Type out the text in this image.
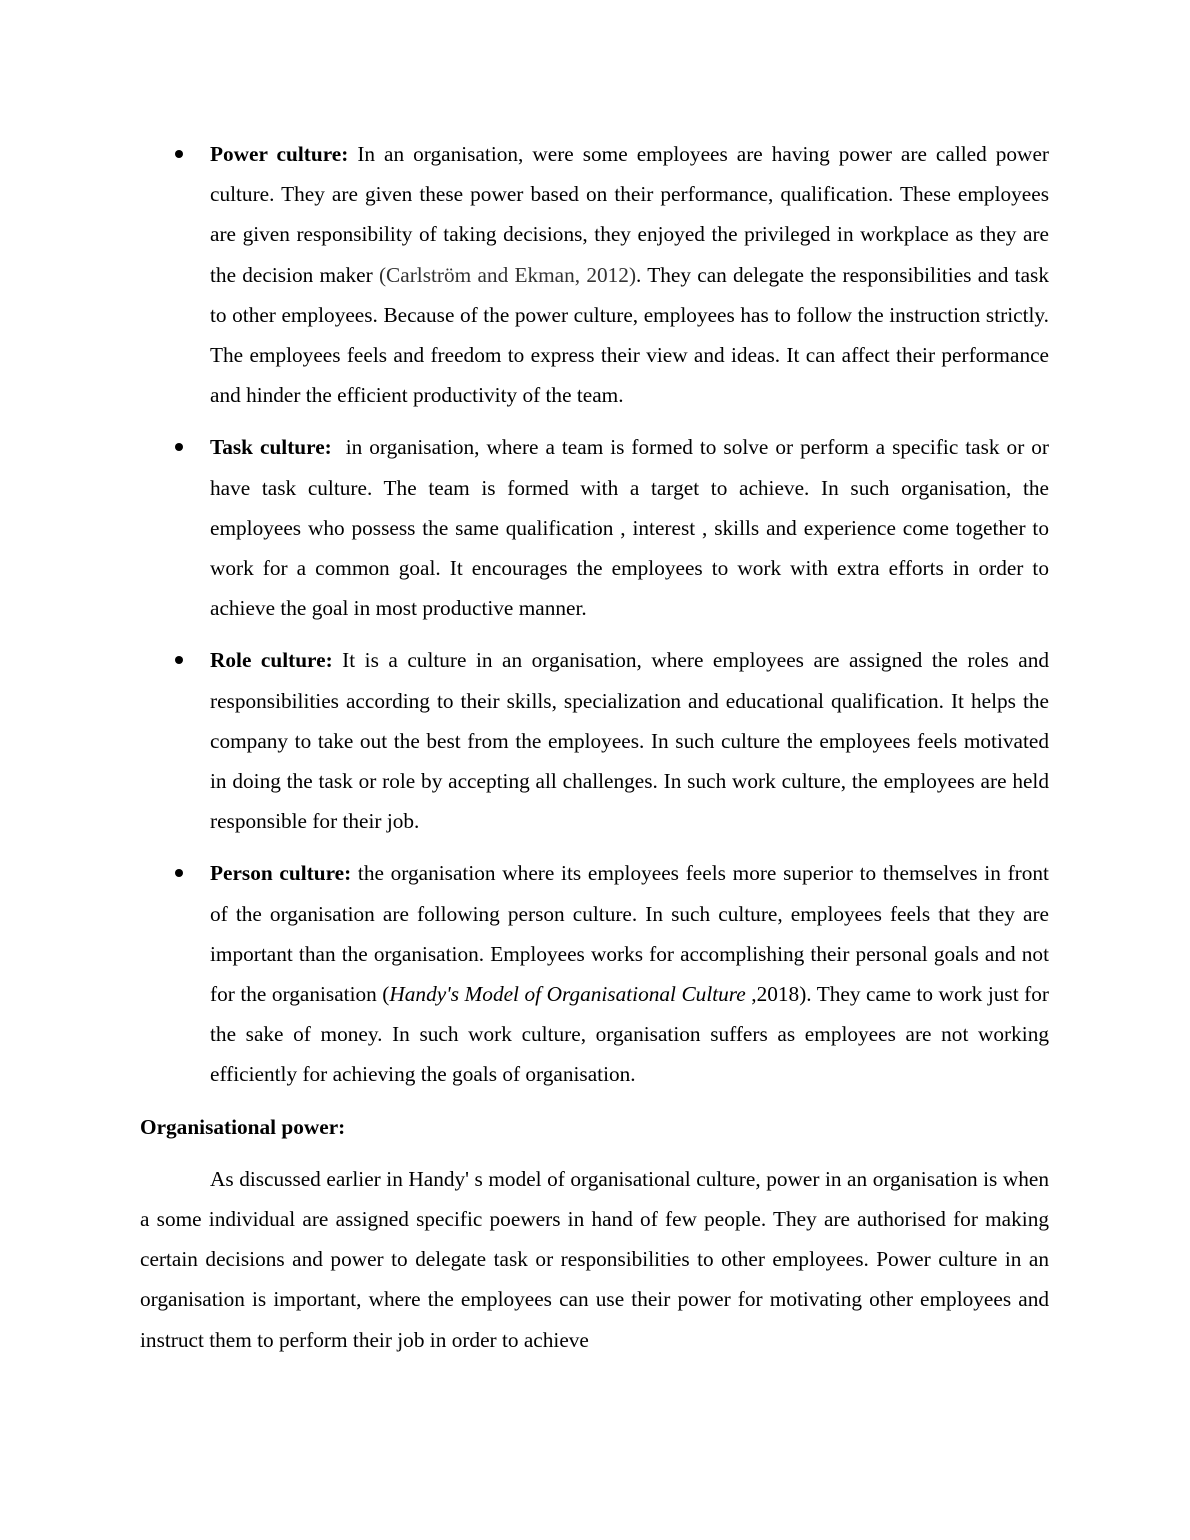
Power culture: In an organisation, were some employees are having power are called power culture. They are given these power based on their performance, qualification. These employees are given responsibility of taking decisions, they enjoyed the privileged in workplace as they are the decision maker (Carlström and Ekman, 2012). They can delegate the responsibilities and task to other employees. Because of the power culture, employees has to follow the instruction strictly. The employees feels and freedom to express their view and ideas. It can affect their performance and hinder the efficient productivity of the team.

Task culture:  in organisation, where a team is formed to solve or perform a specific task or or have task culture. The team is formed with a target to achieve. In such organisation, the employees who possess the same qualification , interest , skills and experience come together to work for a common goal. It encourages the employees to work with extra efforts in order to achieve the goal in most productive manner.

Role culture: It is a culture in an organisation, where employees are assigned the roles and responsibilities according to their skills, specialization and educational qualification. It helps the company to take out the best from the employees. In such culture the employees feels motivated in doing the task or role by accepting all challenges. In such work culture, the employees are held responsible for their job.

Person culture: the organisation where its employees feels more superior to themselves in front of the organisation are following person culture. In such culture, employees feels that they are important than the organisation. Employees works for accomplishing their personal goals and not for the organisation (Handy's Model of Organisational Culture ,2018). They came to work just for the sake of money. In such work culture, organisation suffers as employees are not working efficiently for achieving the goals of organisation.

Organisational power:

As discussed earlier in Handy' s model of organisational culture, power in an organisation is when a some individual are assigned specific poewers in hand of few people. They are authorised for making certain decisions and power to delegate task or responsibilities to other employees. Power culture in an organisation is important, where the employees can use their power for motivating other employees and instruct them to perform their job in order to achieve
